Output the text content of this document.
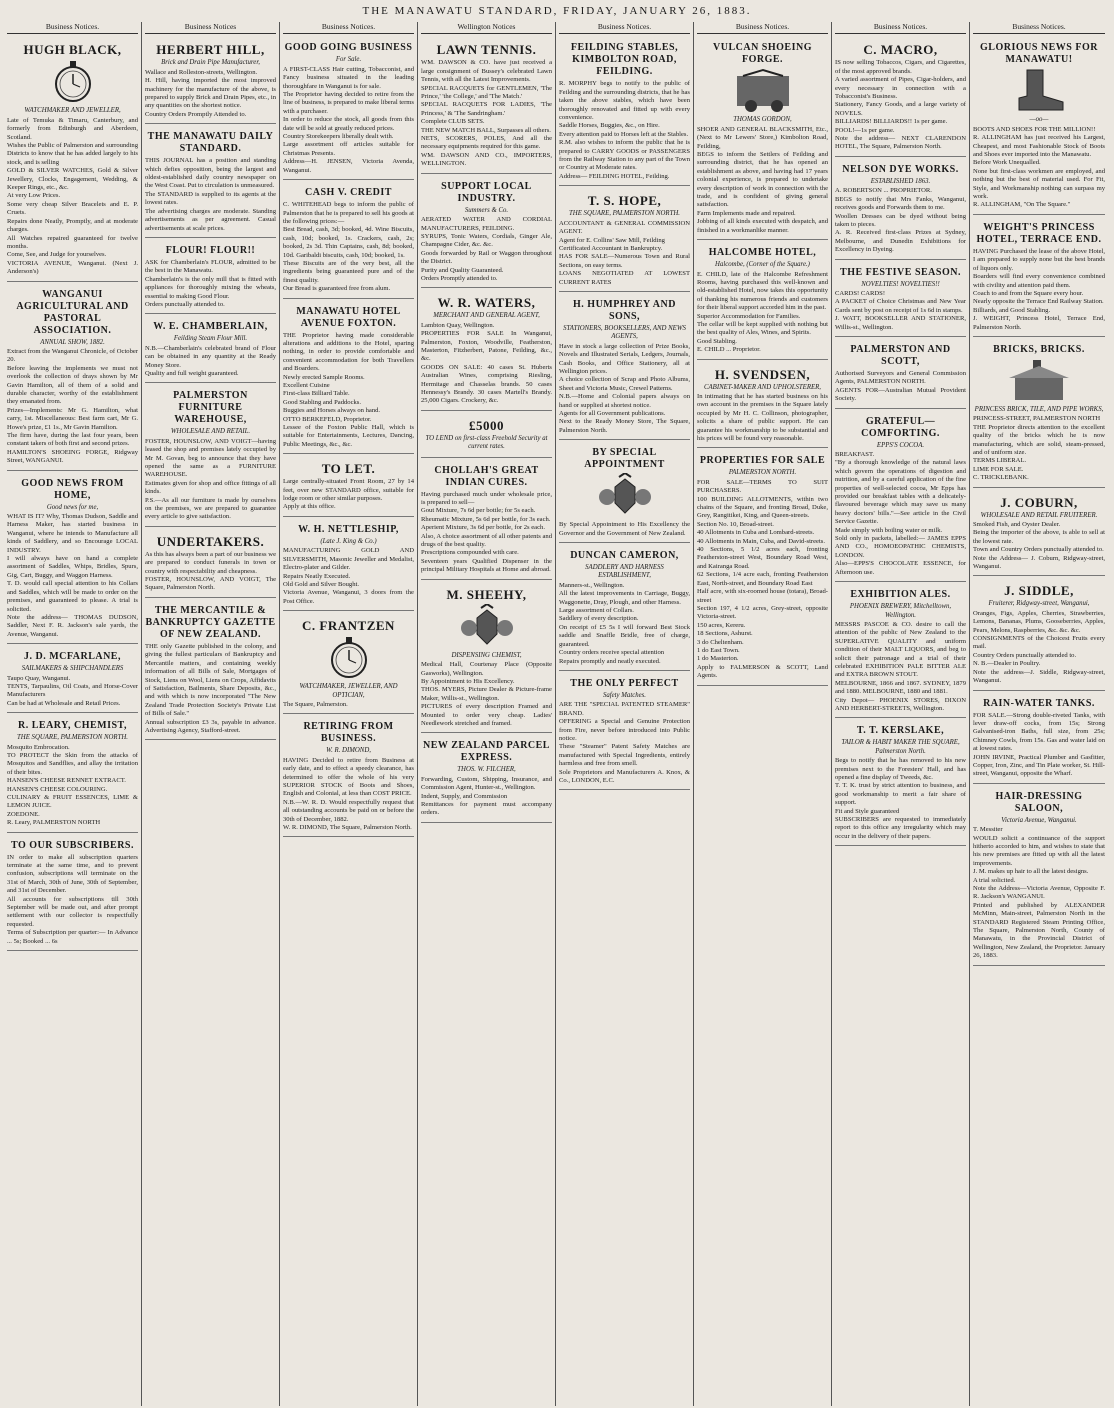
THE MANAWATU STANDARD, FRIDAY, JANUARY 26, 1883.
Business Notices.
HUGH BLACK,
WATCHMAKER AND JEWELLER,
Late of Temuka & Timaru, Canterbury, and formerly from Edinburgh and Aberdeen, Scotland.
Wishes the Public of Palmerston and surrounding Districts to know that he has added largely to his stock, and is selling
GOLD & SILVER WATCHES, Gold & Silver Jewellery, Clocks, Engagement, Wedding, & Keeper Rings, etc., &c.
At very Low Prices.
Some very cheap Silver Bracelets and E. P. Cruets.
Repairs done Neatly, Promptly, and at moderate charges.
All Watches repaired guaranteed for twelve months.
Come, See, and Judge for yourselves.
VICTORIA AVENUE, Wanganui. (Next J. Anderson's)
WANGANUI AGRICULTURAL AND PASTORAL ASSOCIATION.
ANNUAL SHOW, 1882.
Extract from the Wanganui Chronicle, of October 20.
Before leaving the implements we must not overlook the collection of drays shown by Mr Gavin Hamilton, all of them of a solid and durable character, worthy of the establishment they emanated from.
Prizes—Implements: Mr G. Hamilton, what carry, 1st. Miscellaneous: Best farm cart, Mr G. Howe's prize, £1 1s., Mr Gavin Hamilton.
The firm have, during the last four years, been constant takers of both first and second prizes.
HAMILTON'S SHOEING FORGE, Ridgway Street, WANGANUI.
GOOD NEWS FROM HOME,
Good news for me,
WHAT IS IT? Why, Thomas Dudson, Saddle and Harness Maker, has started business in Wanganui, where he intends to Manufacture all kinds of Saddlery, and so Encourage LOCAL INDUSTRY.
I will always have on hand a complete assortment of Saddles, Whips, Bridles, Spurs, Gig, Cart, Buggy, and Waggon Harness.
T. D. would call special attention to his Collars and Saddles, which will be made to order on the premises, and guaranteed to please. A trial is solicited.
Note the address— THOMAS DUDSON, Saddler, Next F. R. Jackson's sale yards, the Avenue, Wanganui.
J. D. MCFARLANE,
SAILMAKERS & SHIPCHANDLERS
Taupo Quay, Wanganui.
TENTS, Tarpaulins, Oil Coats, and Horse-Cover Manufacturers
Can be had at Wholesale and Retail Prices.
R. LEARY, CHEMIST,
THE SQUARE, PALMERSTON NORTH.
Mosquito Embrocation.
TO PROTECT the Skin from the attacks of Mosquitos and Sandflies, and allay the irritation of their bites.
HANSEN'S CHEESE RENNET EXTRACT.
HANSEN'S CHEESE COLOURING.
CULINARY & FRUIT ESSENCES, LIME & LEMON JUICE.
ZOEDONE.
R. Leary, PALMERSTON NORTH
TO OUR SUBSCRIBERS.
IN order to make all subscription quarters terminate at the same time, and to prevent confusion, subscriptions will terminate on the 31st of March, 30th of June, 30th of September, and 31st of December.
All accounts for subscriptions till 30th September will be made out, and after prompt settlement with our collector is respectfully requested.
Terms of Subscription per quarter:— In Advance ... 5s; Booked ... 6s
Business Notices
HERBERT HILL,
Brick and Drain Pipe Manufacturer,
Wallace and Rolleston-streets, Wellington.
H. Hill, having imported the most improved machinery for the manufacture of the above, is prepared to supply Brick and Drain Pipes, etc., in any quantities on the shortest notice.
Country Orders Promptly Attended to.
THE MANAWATU DAILY STANDARD.
THIS JOURNAL has a position and standing which defies opposition, being the largest and oldest-established daily country newspaper on the West Coast. Put to circulation is unmeasured.
The STANDARD is supplied to its agents at the lowest rates.
The advertising charges are moderate. Standing advertisements as per agreement. Casual advertisements at scale prices.
FLOUR! FLOUR!!
ASK for Chamberlain's FLOUR, admitted to be the best in the Manawatu.
Chamberlain's is the only mill that is fitted with appliances for thoroughly mixing the wheats, essential to making Good Flour.
Orders punctually attended to.
W. E. CHAMBERLAIN,
Feilding Steam Flour Mill.
N.B.—Chamberlain's celebrated brand of Flour can be obtained in any quantity at the Ready Money Store.
Quality and full weight guaranteed.
PALMERSTON FURNITURE WAREHOUSE,
WHOLESALE AND RETAIL.
FOSTER, HOUNSLOW, AND VOIGT—having leased the shop and premises lately occupied by Mr M. Govan, beg to announce that they have opened the same as a FURNITURE WAREHOUSE.
Estimates given for shop and office fittings of all kinds.
P.S.—As all our furniture is made by ourselves on the premises, we are prepared to guarantee every article to give satisfaction.
UNDERTAKERS.
As this has always been a part of our business we are prepared to conduct funerals in town or country with respectability and cheapness.
FOSTER, HOUNSLOW, AND VOIGT, The Square, Palmerston North.
THE MERCANTILE & BANKRUPTCY GAZETTE OF NEW ZEALAND.
THE only Gazette published in the colony, and giving the fullest particulars of Bankruptcy and Mercantile matters, and containing weekly information of all Bills of Sale, Mortgages of Stock, Liens on Wool, Liens on Crops, Affidavits of Satisfaction, Bailments, Share Deposits, &c., and with which is now incorporated "The New Zealand Trade Protection Society's Private List of Bills of Sale."
Annual subscription £3 3s, payable in advance. Advertising Agency, Stafford-street.
Business Notices.
GOOD GOING BUSINESS
For Sale.
A FIRST-CLASS Hair cutting, Tobacconist, and Fancy business situated in the leading thoroughfare in Wanganui is for sale.
The Proprietor having decided to retire from the line of business, is prepared to make liberal terms with a purchaser.
In order to reduce the stock, all goods from this date will be sold at greatly reduced prices.
Country Storekeepers liberally dealt with.
Large assortment off articles suitable for Christmas Presents.
Address—H. JENSEN, Victoria Avenda, Wanganui.
CASH V. CREDIT
C. WHITEHEAD begs to inform the public of Palmerston that he is prepared to sell his goods at the following prices:—
Best Bread, cash, 3d; booked, 4d. Wine Biscuits, cash, 10d; booked, 1s. Crackers, cash, 2s; booked, 2s 3d. Thin Captains, cash, 8d; booked, 10d. Garibaldi biscuits, cash, 10d; booked, 1s.
These Biscuits are of the very best, all the ingredients being guaranteed pure and of the finest quality.
Our Bread is guaranteed free from alum.
MANAWATU HOTEL AVENUE FOXTON.
THE Proprietor having made considerable alterations and additions to the Hotel, sparing nothing, in order to provide comfortable and convenient accommodation for both Travellers and Boarders.
Newly erected Sample Rooms.
Excellent Cuisine
First-class Billiard Table.
Good Stabling and Paddocks.
Buggies and Horses always on hand.
OTTO BERKEFELD, Proprietor.
Lessee of the Foxton Public Hall, which is suitable for Entertainments, Lectures, Dancing, Public Meetings, &c., &c.
TO LET.
Large centrally-situated Front Room, 27 by 14 feet, over new STANDARD office, suitable for lodge room or other similar purposes.
Apply at this office.
W. H. NETTLESHIP,
(Late J. King & Co.)
MANUFACTURING GOLD AND SILVERSMITH, Masonic Jeweller and Medalist, Electro-plater and Gilder.
Repairs Neatly Executed.
Old Gold and Silver Bought.
Victoria Avenue, Wanganui, 3 doors from the Post Office.
C. FRANTZEN
WATCHMAKER, JEWELLER, AND OPTICIAN,
The Square, Palmerston.
RETIRING FROM BUSINESS.
W. R. DIMOND,
HAVING Decided to retire from Business at early date, and to effect a speedy clearance, has determined to offer the whole of his very SUPERIOR STOCK of Boots and Shoes, English and Colonial, at less than COST PRICE.
N.B.—W. R. D. Would respectfully request that all outstanding accounts be paid on or before the 30th of December, 1882.
W. R. DIMOND, The Square, Palmerston North.
Wellington Notices
LAWN TENNIS.
WM. DAWSON & CO. have just received a large consignment of Bussey's celebrated Lawn Tennis, with all the Latest Improvements.
SPECIAL RACQUETS for GENTLEMEN, 'The Prince,' 'the College,' and 'The Match.'
SPECIAL RACQUETS FOR LADIES, 'The Princess,' & 'The Sandringham.'
Complete CLUB SETS.
THE NEW MATCH BALL, Surpasses all others.
NETS, SCORERS, POLES, And all the necessary equipments required for this game.
WM. DAWSON AND CO., IMPORTERS, WELLINGTON.
SUPPORT LOCAL INDUSTRY.
Summers & Co.
AERATED WATER AND CORDIAL MANUFACTURERS, FEILDING.
SYRUPS, Tonic Waters, Cordials, Ginger Ale, Champagne Cider, &c. &c.
Goods forwarded by Rail or Waggon throughout the District.
Purity and Quality Guaranteed.
Orders Promptly attended to.
W. R. WATERS,
MERCHANT AND GENERAL AGENT,
Lambton Quay, Wellington.
PROPERTIES FOR SALE In Wanganui, Palmerston, Foxton, Woodville, Featherston, Masterton, Fitzherbert, Patone, Feilding, &c., &c.
GOODS ON SALE: 40 cases St. Huberts Australian Wines, comprising Riesling, Hermitage and Chasselas brands. 50 cases Hennessy's Brandy. 30 cases Martell's Brandy. 25,000 Cigars. Crockery, &c.
£5000
TO LEND on first-class Freehold Security at current rates.
CHOLLAH'S GREAT INDIAN CURES.
Having purchased much under wholesale price, is prepared to sell—
Gout Mixture, 7s 6d per bottle; for 5s each.
Rheumatic Mixture, 5s 6d per bottle, for 3s each.
Aperient Mixture, 3s 6d per bottle, for 2s each.
Also, A choice assortment of all other patents and drugs of the best quality.
Prescriptions compounded with care.
Seventeen years Qualified Dispenser in the principal Military Hospitals at Home and abroad.
M. SHEEHY,
DISPENSING CHEMIST,
Medical Hall, Courtenay Place (Opposite Gasworks), Wellington.
By Appointment to His Excellency.
THOS. MYERS, Picture Dealer & Picture-frame Maker, Willis-st., Wellington.
PICTURES of every description Framed and Mounted to order very cheap. Ladies' Needlework stretched and framed.
NEW ZEALAND PARCEL EXPRESS.
THOS. W. FILCHER,
Forwarding, Custom, Shipping, Insurance, and Commission Agent, Hunter-st., Wellington.
Indent, Supply, and Commission
Remittances for payment must accompany orders.
Business Notices.
FEILDING STABLES, KIMBOLTON ROAD, FEILDING.
R. MORPHY begs to notify to the public of Feilding and the surrounding districts, that he has taken the above stables, which have been thoroughly renovated and fitted up with every convenience.
Saddle Horses, Buggies, &c., on Hire.
Every attention paid to Horses left at the Stables.
R.M. also wishes to inform the public that he is prepared to CARRY GOODS or PASSENGERS from the Railway Station to any part of the Town or Country at Moderate rates.
Address— FEILDING HOTEL, Feilding.
T. S. HOPE,
THE SQUARE, PALMERSTON NORTH.
ACCOUNTANT & GENERAL COMMISSION AGENT.
Agent for E. Collins' Saw Mill, Feilding
Certificated Accountant in Bankruptcy.
HAS FOR SALE—Numerous Town and Rural Sections, on easy terms.
LOANS NEGOTIATED AT LOWEST CURRENT RATES
H. HUMPHREY AND SONS,
STATIONERS, BOOKSELLERS, AND NEWS AGENTS,
Have in stock a large collection of Prize Books, Novels and Illustrated Serials, Ledgers, Journals, Cash Books, and Office Stationery, all at Wellington prices.
A choice collection of Scrap and Photo Albums, Sheet and Victoria Music, Crewel Patterns.
N.B.—Home and Colonial papers always on hand or supplied at shortest notice.
Agents for all Government publications.
Next to the Ready Money Store, The Square, Palmerston North.
BY SPECIAL APPOINTMENT
By Special Appointment to His Excellency the Governor and the Government of New Zealand.
DUNCAN CAMERON,
SADDLERY AND HARNESS ESTABLISHMENT,
Manners-st., Wellington.
All the latest improvements in Carriage, Buggy, Waggonette, Dray, Plough, and other Harness.
Large assortment of Collars.
Saddlery of every description.
On receipt of £5 5s I will forward Best Stock saddle and Snaffle Bridle, free of charge, guaranteed.
Country orders receive special attention
Repairs promptly and neatly executed.
THE ONLY PERFECT
Safety Matches.
ARE THE "SPECIAL PATENTED STEAMER" BRAND.
OFFERING a Special and Genuine Protection from Fire, never before introduced into Public notice.
These "Steamer" Patent Safety Matches are manufactured with Special Ingredients, entirely harmless and free from smell.
Sole Proprietors and Manufacturers A. Knox, & Co., LONDON, E.C.
Business Notices.
VULCAN SHOEING FORGE.
THOMAS GORDON,
SHOER AND GENERAL BLACKSMITH, Etc., (Next to Mr Lewers' Store,) Kimbolton Road, Feilding,
BEGS to inform the Settlers of Feilding and surrounding district, that he has opened an establishment as above, and having had 17 years colonial experience, is prepared to undertake every description of work in connection with the trade, and is confident of giving general satisfaction.
Farm Implements made and repaired.
Jobbing of all kinds executed with despatch, and finished in a workmanlike manner.
HALCOMBE HOTEL,
Halcombe, (Corner of the Square.)
E. CHILD, late of the Halcombe Refreshment Rooms, having purchased this well-known and old-established Hotel, now takes this opportunity of thanking his numerous friends and customers for their liberal support accorded him in the past.
Superior Accommodation for Families.
The cellar will be kept supplied with nothing but the best quality of Ales, Wines, and Spirits.
Good Stabling.
E. CHILD ... Proprietor.
H. SVENDSEN,
CABINET-MAKER AND UPHOLSTERER,
In intimating that he has started business on his own account in the premises in the Square lately occupied by Mr H. C. Collinson, photographer, solicits a share of public support. He can guarantee his workmanship to be substantial and his prices will be found very reasonable.
PROPERTIES FOR SALE
PALMERSTON NORTH.
FOR SALE—TERMS TO SUIT PURCHASERS.
100 BUILDING ALLOTMENTS, within two chains of the Square, and fronting Broad, Duke, Grey, Rangitikei, King, and Queen-streets.
Section No. 10, Broad-street.
40 Allotments in Cuba and Lombard-streets.
40 Allotments in Main, Cuba, and David-streets.
40 Sections, 5 1/2 acres each, fronting Featherston-street West, Boundary Road West, and Kairanga Road.
62 Sections, 1/4 acre each, fronting Featherston East, North-street, and Boundary Road East
Half acre, with six-roomed house (totara), Broad-street
Section 197, 4 1/2 acres, Grey-street, opposite Victoria-street.
150 acres, Kereru.
18 Sections, Ashurst.
3 do Cheltenham.
1 do East Town.
1 do Masterton.
Apply to FALMERSON & SCOTT, Land Agents.
Business Notices.
C. MACRO,
IS now selling Tobaccos, Cigars, and Cigarettes, of the most approved brands.
A varied assortment of Pipes, Cigar-holders, and every necessary in connection with a Tobacconist's Business.
Stationery, Fancy Goods, and a large variety of NOVELS.
BILLIARDS! BILLIARDS!! 1s per game.
POOL!—1s per game.
Note the address— NEXT CLARENDON HOTEL, The Square, Palmerston North.
NELSON DYE WORKS.
ESTABLISHED 1863.
A. ROBERTSON ... PROPRIETOR.
BEGS to notify that Mrs Fanks, Wanganui, receives goods and Forwards them to me.
Woollen Dresses can be dyed without being taken to pieces.
A. R. Received first-class Prizes at Sydney, Melbourne, and Dunedin Exhibitions for Excellency in Dyeing.
THE FESTIVE SEASON.
NOVELTIES! NOVELTIES!!
CARDS! CARDS!
A PACKET of Choice Christmas and New Year Cards sent by post on receipt of 1s 6d in stamps.
J. WATT, BOOKSELLER AND STATIONER, Willis-st., Wellington.
PALMERSTON AND SCOTT,
Authorised Surveyors and General Commission Agents, PALMERSTON NORTH.
AGENTS FOR—Australian Mutual Provident Society.
GRATEFUL—COMFORTING.
EPPS'S COCOA.
BREAKFAST.
"By a thorough knowledge of the natural laws which govern the operations of digestion and nutrition, and by a careful application of the fine properties of well-selected cocoa, Mr Epps has provided our breakfast tables with a delicately-flavoured beverage which may save us many heavy doctors' bills."—See article in the Civil Service Gazette.
Made simply with boiling water or milk.
Sold only in packets, labelled:— JAMES EPPS AND CO., HOMOEOPATHIC CHEMISTS, LONDON.
Also—EPPS'S CHOCOLATE ESSENCE, for Afternoon use.
EXHIBITION ALES.
PHOENIX BREWERY, Mitchelltown, Wellington.
MESSRS PASCOE & CO. desire to call the attention of the public of New Zealand to the SUPERLATIVE QUALITY and uniform condition of their MALT LIQUORS, and beg to solicit their patronage and a trial of their celebrated EXHIBITION PALE BITTER ALE and EXTRA BROWN STOUT.
MELBOURNE, 1866 and 1867. SYDNEY, 1879 and 1880. MELBOURNE, 1880 and 1881.
City Depot— PHOENIX STORES, DIXON AND HERBERT-STREETS, Wellington.
T. T. KERSLAKE,
TAILOR & HABIT MAKER THE SQUARE, Palmerston North.
Begs to notify that he has removed to his new premises next to the Foresters' Hall, and has opened a fine display of Tweeds, &c.
T. T. K. trust by strict attention to business, and good workmanship to merit a fair share of support.
Fit and Style guaranteed
SUBSCRIBERS are requested to immediately report to this office any irregularity which may occur in the delivery of their papers.
Business Notices.
GLORIOUS NEWS FOR MANAWATU!
—oo—
BOOTS AND SHOES FOR THE MILLION!!
R. ALLINGHAM has just received his Largest, Cheapest, and most Fashionable Stock of Boots and Shoes ever imported into the Manawatu.
Before Work Unequalled.
None but first-class workmen are employed, and nothing but the best of material used. For Fit, Style, and Workmanship nothing can surpass my work.
R. ALLINGHAM, "On The Square."
WEIGHT'S PRINCESS HOTEL, TERRACE END.
HAVING Purchased the lease of the above Hotel, I am prepared to supply none but the best brands of liquors only.
Boarders will find every convenience combined with civility and attention paid them.
Coach to and from the Square every hour.
Nearly opposite the Terrace End Railway Station.
Billiards, and Good Stabling.
J. WEIGHT, Princess Hotel, Terrace End, Palmerston North.
BRICKS, BRICKS.
PRINCESS BRICK, TILE, AND PIPE WORKS,
PRINCESS-STREET, PALMERSTON NORTH
THE Proprietor directs attention to the excellent quality of the bricks which he is now manufacturing, which are solid, steam-pressed, and of uniform size.
TERMS LIBERAL.
LIME FOR SALE.
C. TRICKLEBANK.
J. COBURN,
WHOLESALE AND RETAIL FRUITERER.
Smoked Fish, and Oyster Dealer.
Being the importer of the above, is able to sell at the lowest rate.
Town and Country Orders punctually attended to.
Note the Address— J. Coburn, Ridgway-street, Wanganui.
J. SIDDLE,
Fruiterer, Ridgway-street, Wanganui,
Oranges, Figs, Apples, Cherries, Strawberries, Lemons, Bananas, Plums, Gooseberries, Apples, Pears, Melons, Raspberries, &c. &c. &c.
CONSIGNMENTS of the Choicest Fruits every mail.
Country Orders punctually attended to.
N. B.—Dealer in Poultry.
Note the address—J. Siddle, Ridgway-street, Wanganui.
RAIN-WATER TANKS.
FOR SALE.—Strong double-riveted Tanks, with lever draw-off cocks, from 15s; Strong Galvanised-iron Baths, full size, from 25s; Chimney Cowls, from 15s. Gas and water laid on at lowest rates.
JOHN IRVINE, Practical Plumber and Gasfitter, Copper, Iron, Zinc, and Tin Plate worker, St. Hill-street, Wanganui, opposite the Wharf.
HAIR-DRESSING SALOON,
Victoria Avenue, Wanganui.
T. Messiter
WOULD solicit a continuance of the support hitherto accorded to him, and wishes to state that his new premises are fitted up with all the latest improvements.
J. M. makes up hair to all the latest designs.
A trial solicited.
Note the Address—Victoria Avenue, Opposite F. R. Jackson's WANGANUI.
Printed and published by ALEXANDER McMinn, Main-street, Palmerston North in the STANDARD Registered Steam Printing Office, The Square, Palmerston North, County of Manawatu, in the Provincial District of Wellington, New Zealand, the Proprietor. January 26, 1883.
